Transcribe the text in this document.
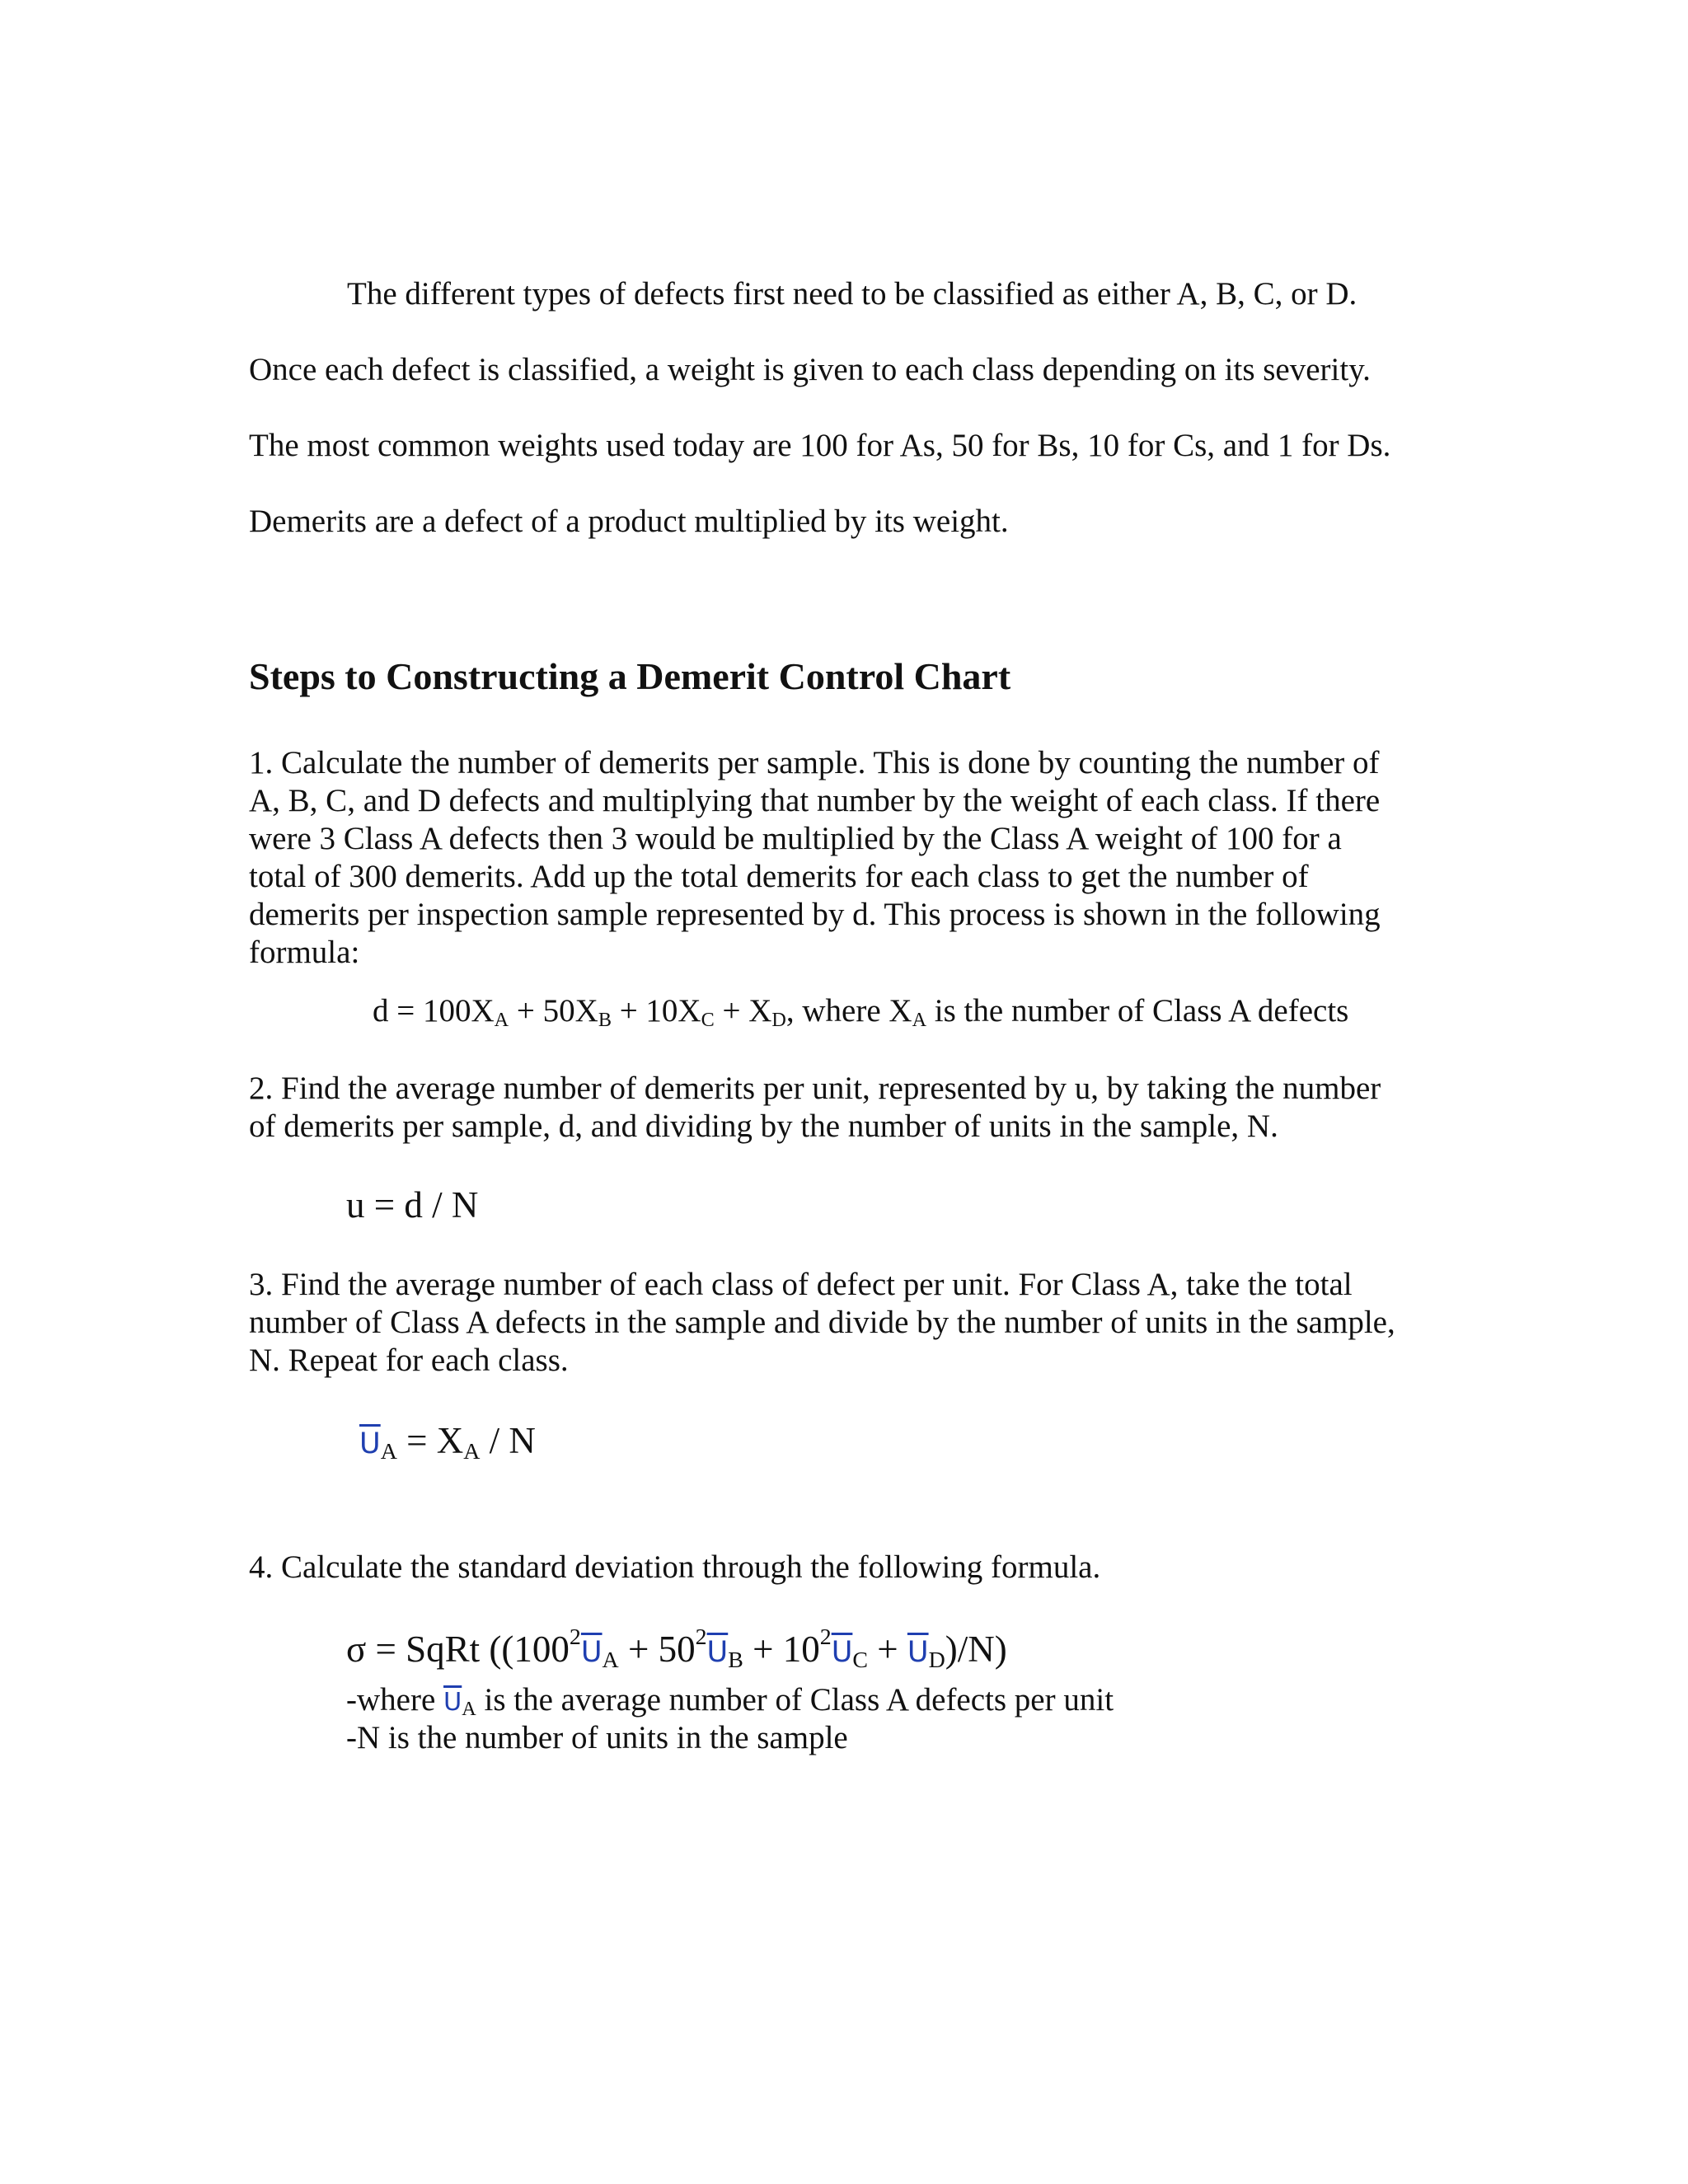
The different types of defects first need to be classified as either A, B, C, or D.
Once each defect is classified, a weight is given to each class depending on its severity.
The most common weights used today are 100 for As, 50 for Bs, 10 for Cs, and 1 for Ds.
Demerits are a defect of a product multiplied by its weight.
Steps to Constructing a Demerit Control Chart
1. Calculate the number of demerits per sample. This is done by counting the number of
A, B, C, and D defects and multiplying that number by the weight of each class. If there
were 3 Class A defects then 3 would be multiplied by the Class A weight of 100 for a
total of 300 demerits. Add up the total demerits for each class to get the number of
demerits per inspection sample represented by d. This process is shown in the following
formula:
$d = 100X_A + 50X_B + 10X_C + X_D$, where $X_A$ is the number of Class A defects
2. Find the average number of demerits per unit, represented by u, by taking the number
of demerits per sample, d, and dividing by the number of units in the sample, N.
u = d / N
3. Find the average number of each class of defect per unit. For Class A, take the total
number of Class A defects in the sample and divide by the number of units in the sample,
N. Repeat for each class.
$\overline{U}_A = X_A / N$
4. Calculate the standard deviation through the following formula.
σ = SqRt $((100^2\overline{U}_A + 50^2\overline{U}_B + 10^2\overline{U}_C + \overline{U}_D)/N)$
-where $\overline{U}_A$ is the average number of Class A defects per unit
-N is the number of units in the sample
